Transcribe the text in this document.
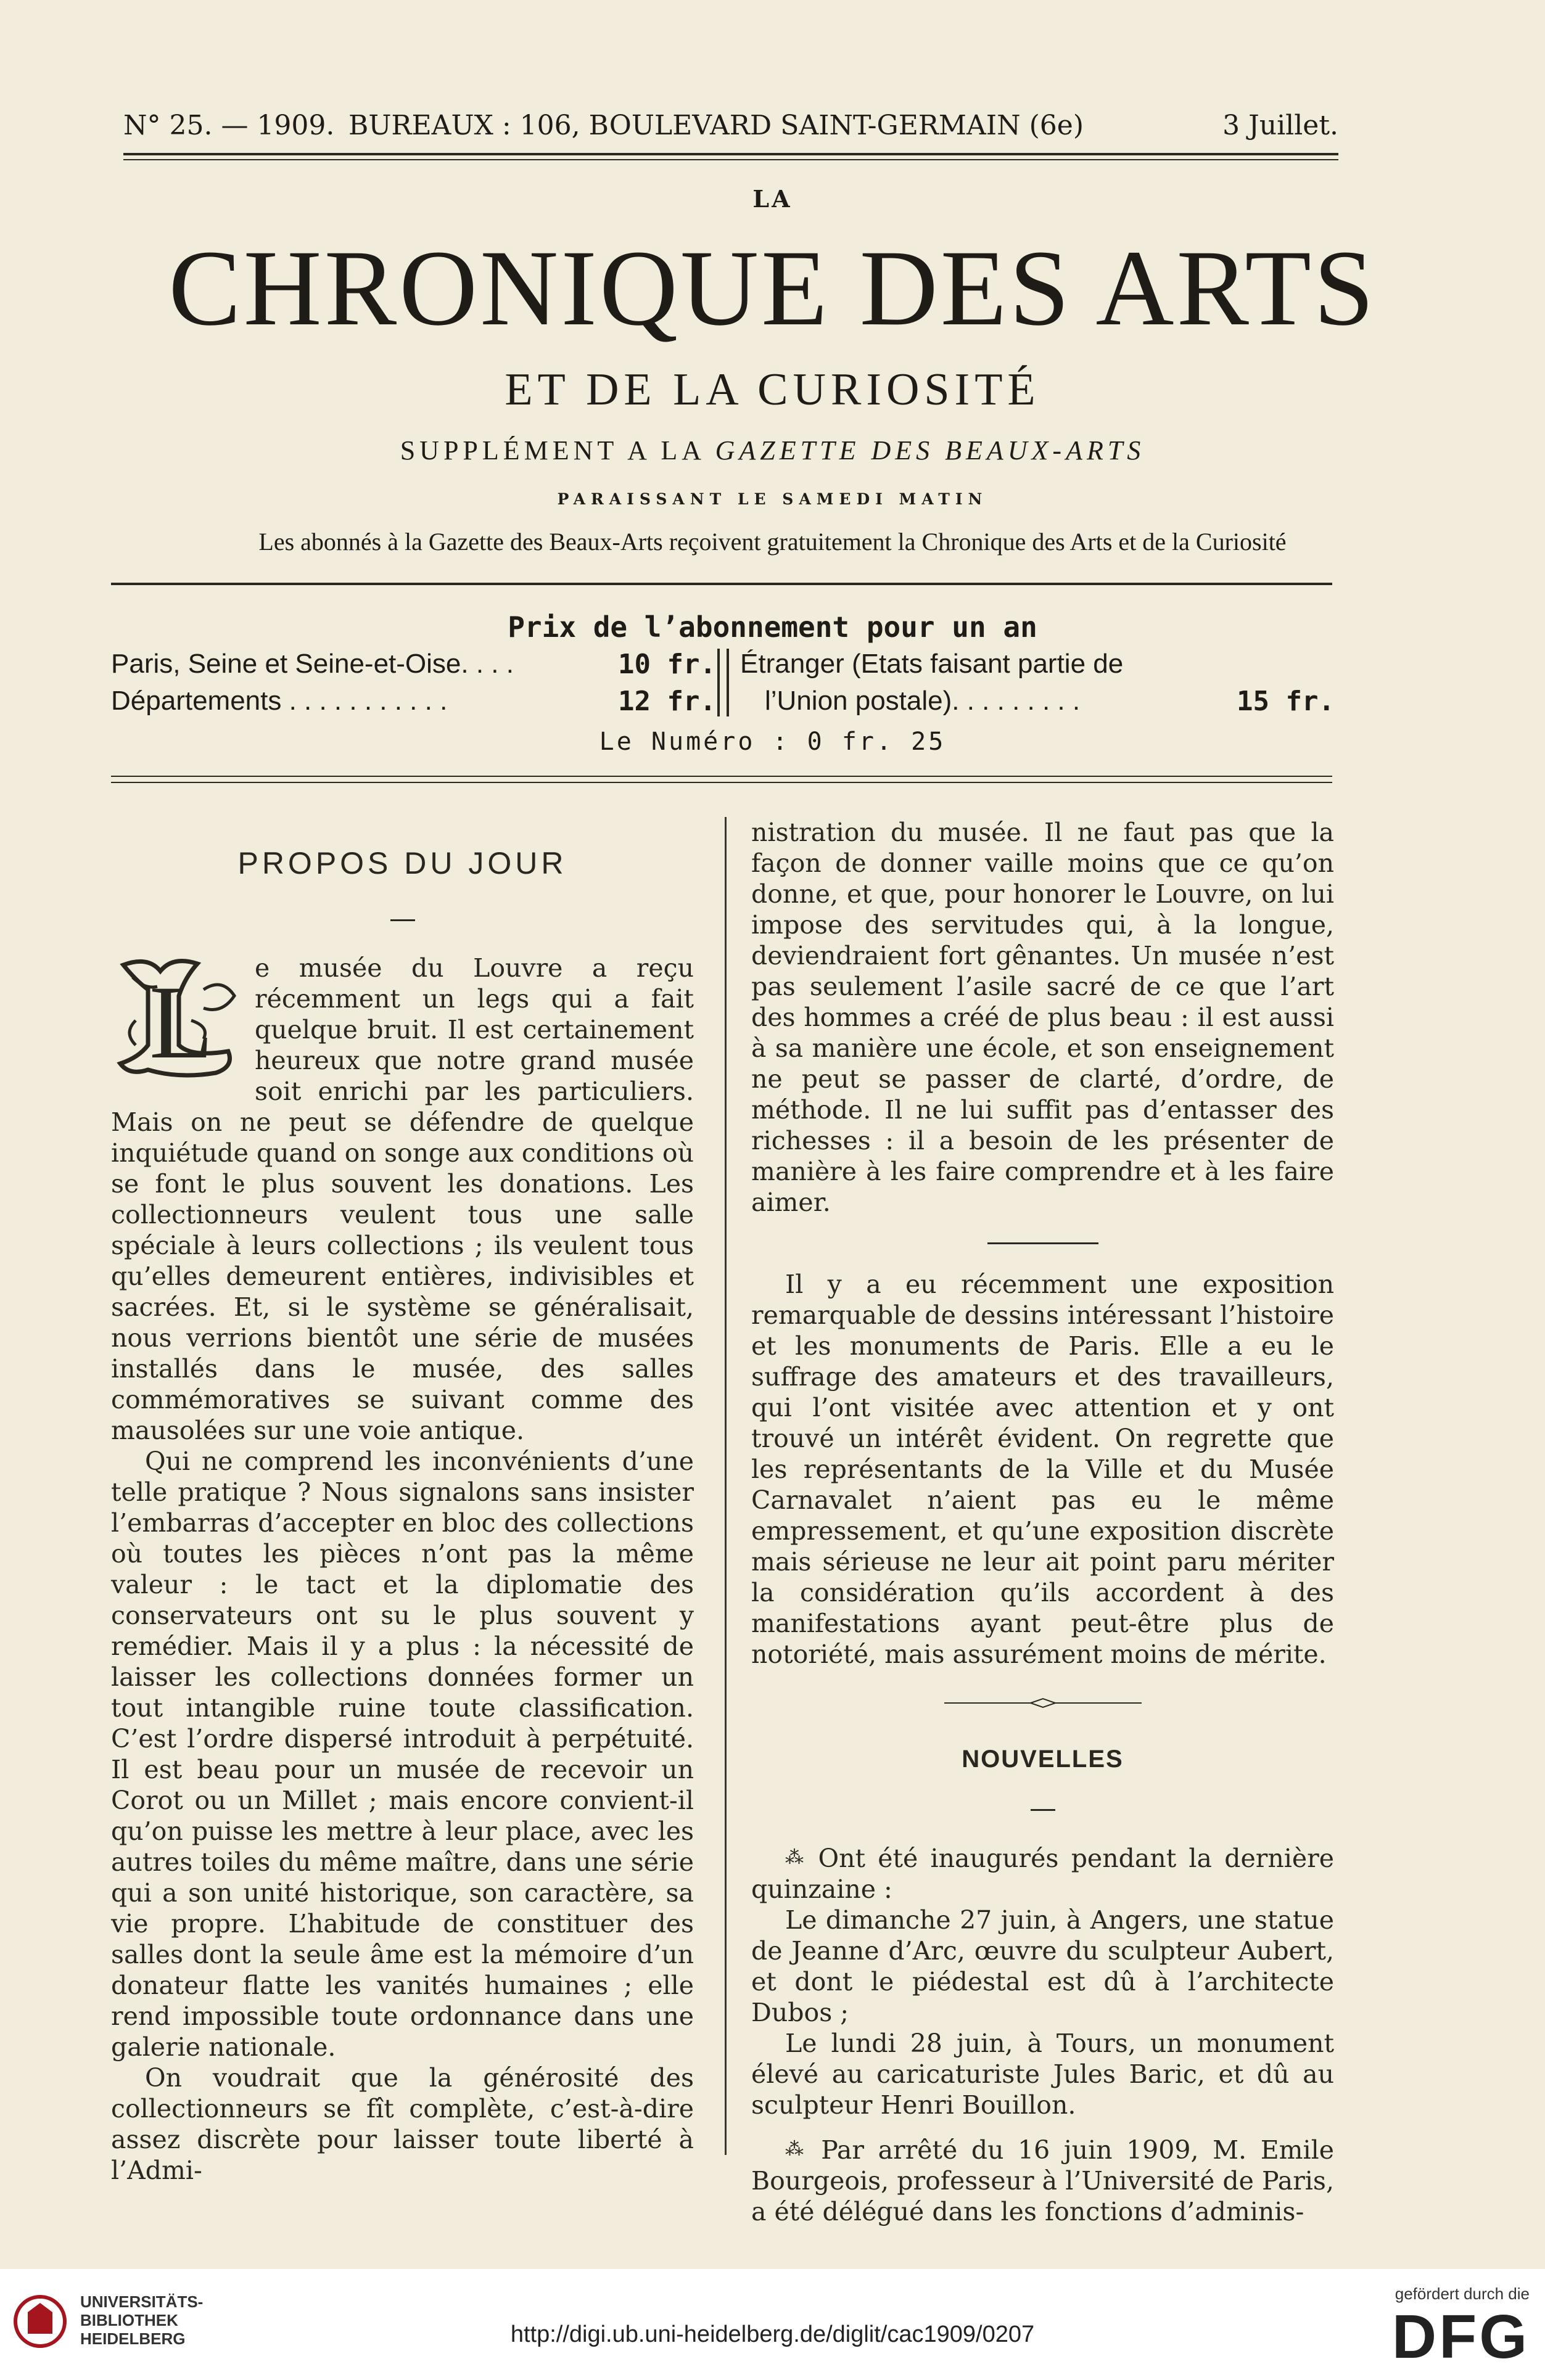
N° 25. — 1909. BUREAUX : 106, BOULEVARD SAINT-GERMAIN (6e)	3 Juillet.
LA
CHRONIQUE DES ARTS
ET DE LA CURIOSITÉ
SUPPLÉMENT A LA GAZETTE DES BEAUX-ARTS
PARAISSANT LE SAMEDI MATIN
Les abonnés à la Gazette des Beaux-Arts reçoivent gratuitement la Chronique des Arts et de la Curiosité
Prix de l’abonnement pour un an
Paris, Seine et Seine-et-Oise. . . .	10 fr.
Départements . . . . . . . . . . .	12 fr.
Étranger (Etats faisant partie de
l’Union postale). . . . . . . . .	15 fr.
Le Numéro : 0 fr. 25
PROPOS DU JOUR
L	e musée du Louvre a reçu récemment un legs qui a fait quelque bruit. Il est certainement heureux que notre grand musée soit enrichi par les particuliers. Mais on ne peut se défendre de quelque inquiétude quand on songe aux conditions où se font le plus souvent les donations. Les collectionneurs veulent tous une salle spéciale à leurs collections ; ils veulent tous qu’elles demeurent entières, indivisibles et sacrées. Et, si le système se généralisait, nous verrions bientôt une série de musées installés dans le musée, des salles commémoratives se suivant comme des mausolées sur une voie antique.

Qui ne comprend les inconvénients d’une telle pratique ? Nous signalons sans insister l’embarras d’accepter en bloc des collections où toutes les pièces n’ont pas la même valeur : le tact et la diplomatie des conservateurs ont su le plus souvent y remédier. Mais il y a plus : la nécessité de laisser les collections données former un tout intangible ruine toute classification. C’est l’ordre dispersé introduit à perpétuité. Il est beau pour un musée de recevoir un Corot ou un Millet ; mais encore convient-il qu’on puisse les mettre à leur place, avec les autres toiles du même maître, dans une série qui a son unité historique, son caractère, sa vie propre. L’habitude de constituer des salles dont la seule âme est la mémoire d’un donateur flatte les vanités humaines ; elle rend impossible toute ordonnance dans une galerie nationale.

On voudrait que la générosité des collectionneurs se fît complète, c’est-à-dire assez discrète pour laisser toute liberté à l’Admi-

nistration du musée. Il ne faut pas que la façon de donner vaille moins que ce qu’on donne, et que, pour honorer le Louvre, on lui impose des servitudes qui, à la longue, deviendraient fort gênantes. Un musée n’est pas seulement l’asile sacré de ce que l’art des hommes a créé de plus beau : il est aussi à sa manière une école, et son enseignement ne peut se passer de clarté, d’ordre, de méthode. Il ne lui suffit pas d’entasser des richesses : il a besoin de les présenter de manière à les faire comprendre et à les faire aimer.

Il y a eu récemment une exposition remarquable de dessins intéressant l’histoire et les monuments de Paris. Elle a eu le suffrage des amateurs et des travailleurs, qui l’ont visitée avec attention et y ont trouvé un intérêt évident. On regrette que les représentants de la Ville et du Musée Carnavalet n’aient pas eu le même empressement, et qu’une exposition discrète mais sérieuse ne leur ait point paru mériter la considération qu’ils accordent à des manifestations ayant peut-être plus de notoriété, mais assurément moins de mérite.

NOUVELLES

⁂ Ont été inaugurés pendant la dernière quinzaine :

Le dimanche 27 juin, à Angers, une statue de Jeanne d’Arc, œuvre du sculpteur Aubert, et dont le piédestal est dû à l’architecte Dubos ;

Le lundi 28 juin, à Tours, un monument élevé au caricaturiste Jules Baric, et dû au sculpteur Henri Bouillon.

⁂ Par arrêté du 16 juin 1909, M. Emile Bourgeois, professeur à l’Université de Paris, a été délégué dans les fonctions d’adminis-

UNIVERSITÄTS-
BIBLIOTHEK
HEIDELBERG	http://digi.ub.uni-heidelberg.de/diglit/cac1909/0207
gefördert durch die
DFG
